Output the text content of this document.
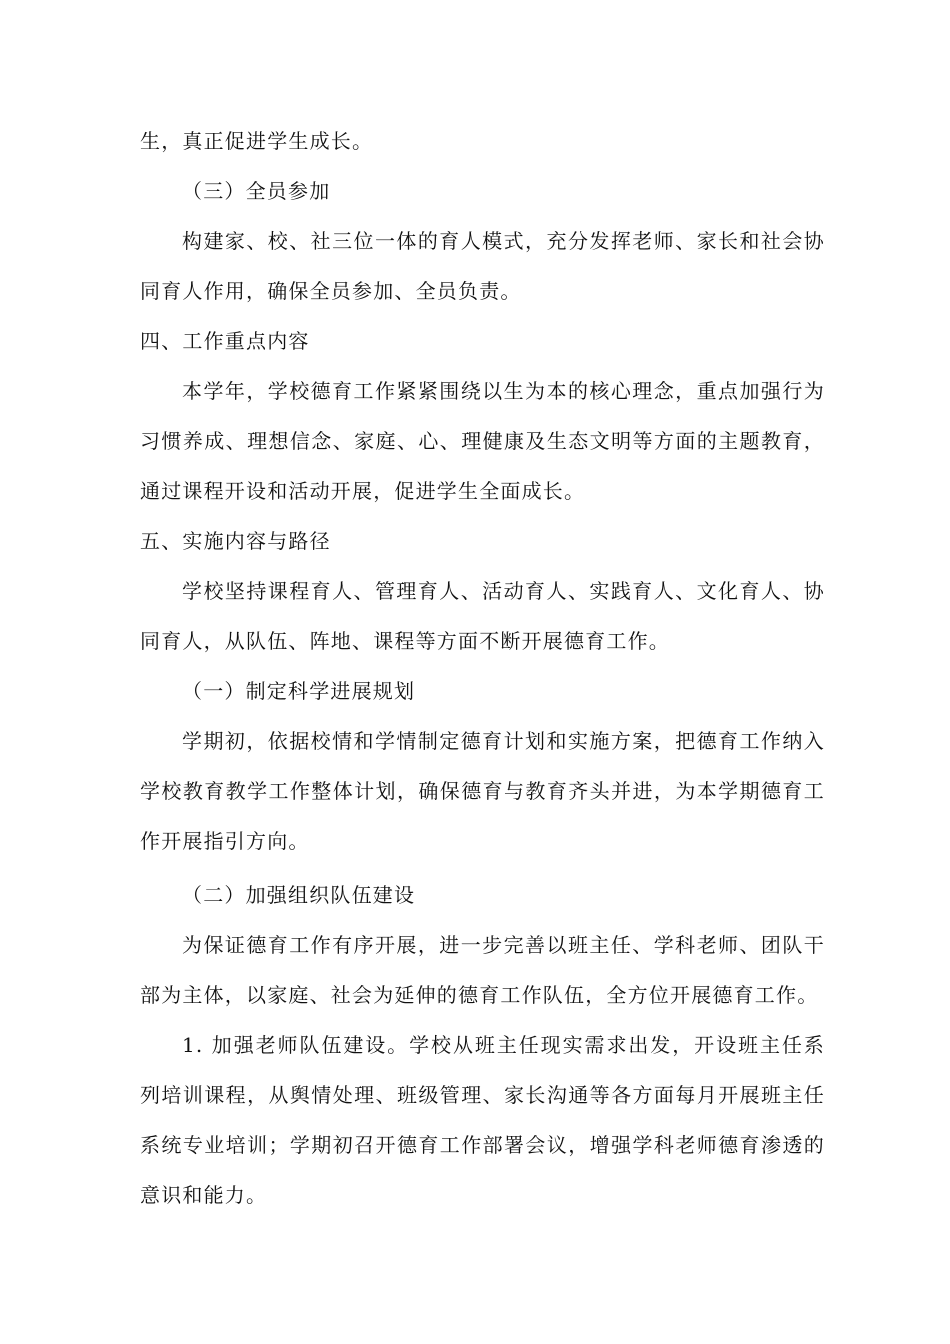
生，真正促进学生成长。

（三）全员参加

构建家、校、社三位一体的育人模式，充分发挥老师、家长和社会协同育人作用，确保全员参加、全员负责。

四、工作重点内容

本学年，学校德育工作紧紧围绕以生为本的核心理念，重点加强行为习惯养成、理想信念、家庭、心、理健康及生态文明等方面的主题教育，通过课程开设和活动开展，促进学生全面成长。

五、实施内容与路径

学校坚持课程育人、管理育人、活动育人、实践育人、文化育人、协同育人，从队伍、阵地、课程等方面不断开展德育工作。

（一）制定科学进展规划

学期初，依据校情和学情制定德育计划和实施方案，把德育工作纳入学校教育教学工作整体计划，确保德育与教育齐头并进，为本学期德育工作开展指引方向。

（二）加强组织队伍建设

为保证德育工作有序开展，进一步完善以班主任、学科老师、团队干部为主体，以家庭、社会为延伸的德育工作队伍，全方位开展德育工作。

1. 加强老师队伍建设。学校从班主任现实需求出发，开设班主任系列培训课程，从舆情处理、班级管理、家长沟通等各方面每月开展班主任系统专业培训；学期初召开德育工作部署会议，增强学科老师德育渗透的意识和能力。
